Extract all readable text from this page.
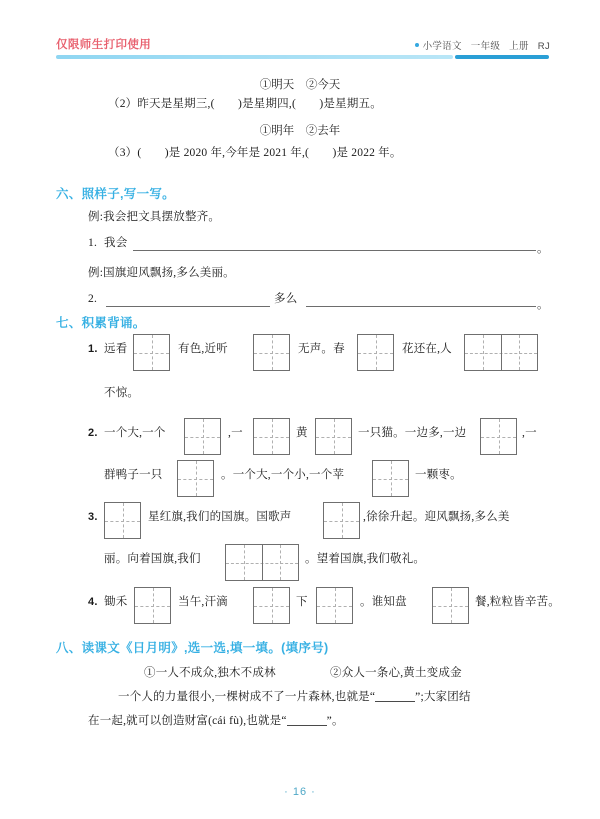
仅限师生打印使用	小学语文 一年级 上册 RJ
①明天　②今天
（2）昨天是星期三,(　　)是星期四,(　　)是星期五。
①明年　②去年
（3）(　　)是 2020 年,今年是 2021 年,(　　)是 2022 年。
六、照样子,写一写。
例:我会把文具摆放整齐。
1. 我会	。
例:国旗迎风飘扬,多么美丽。
2.	多么	。
七、积累背诵。
1. 远看	有色,近听	无声。春	花还在,人
不惊。
2. 一个大,一个	,一	黄	一只猫。一边多,一边	,一
群鸭子一只	。一个大,一个小,一个苹	一颗枣。
3.	星红旗,我们的国旗。国歌声	,徐徐升起。迎风飘扬,多么美
丽。向着国旗,我们	。望着国旗,我们敬礼。
4. 锄禾	当午,汗滴	下	。谁知盘	餐,粒粒皆辛苦。
八、读课文《日月明》,选一选,填一填。(填序号)
①一人不成众,独木不成林	②众人一条心,黄土变成金
一个人的力量很小,一棵树成不了一片森林,也就是“	”;大家团结
在一起,就可以创造财富(cái fù),也就是“	”。
· 16 ·
